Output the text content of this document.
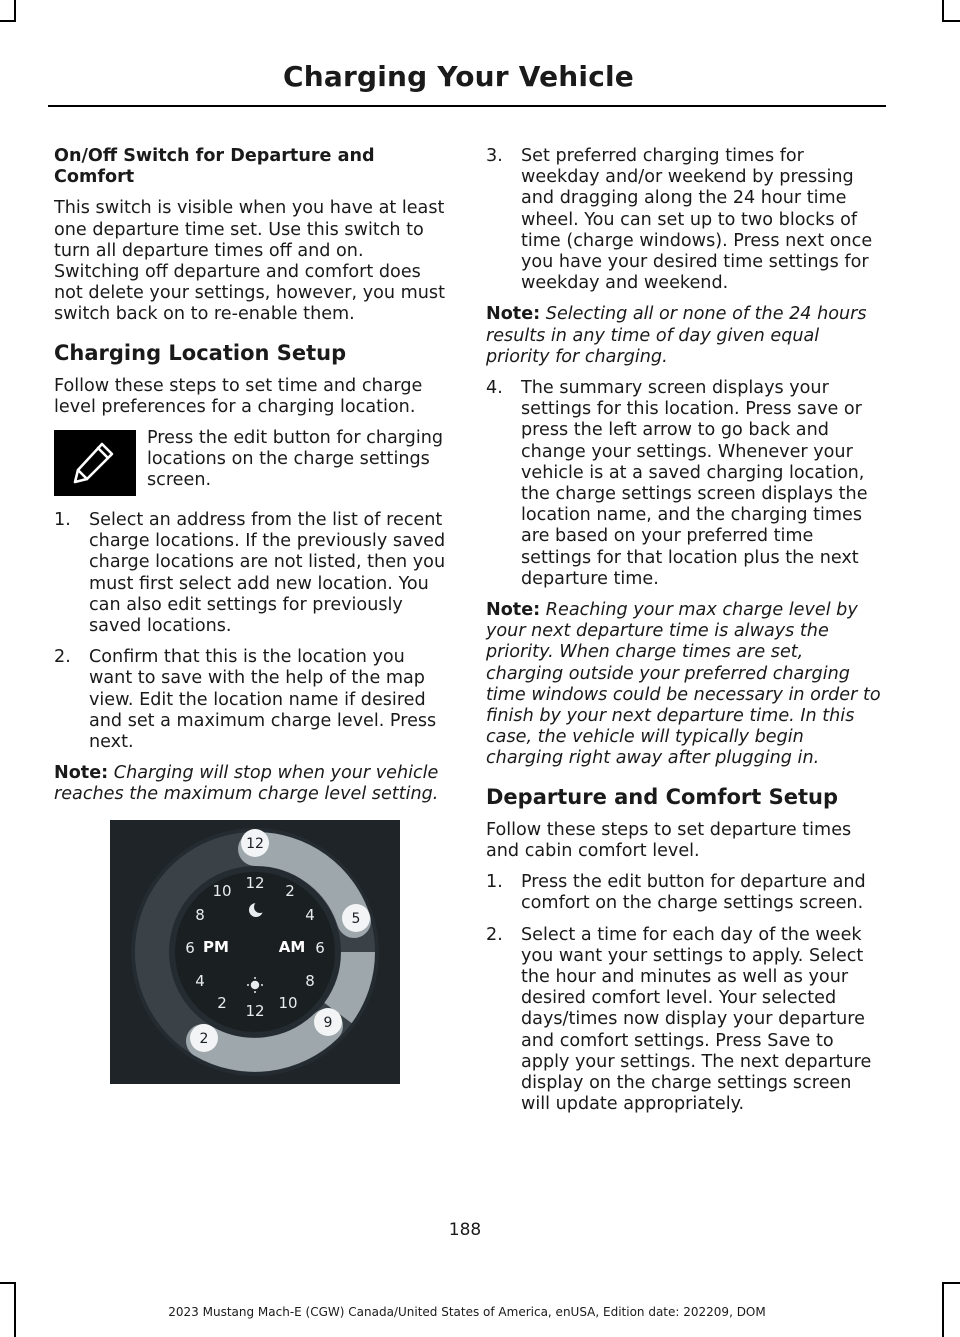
Charging Your Vehicle
On/Off Switch for Departure and Comfort

This switch is visible when you have at least one departure time set. Use this switch to turn all departure times off and on. Switching off departure and comfort does not delete your settings, however, you must switch back on to re-enable them.

Charging Location Setup

Follow these steps to set time and charge level preferences for a charging location.

Press the edit button for charging locations on the charge settings screen.

1. Select an address from the list of recent charge locations. If the previously saved charge locations are not listed, then you must first select add new location. You can also edit settings for previously saved locations.
2. Confirm that this is the location you want to save with the help of the map view. Edit the location name if desired and set a maximum charge level. Press next.

Note: Charging will stop when your vehicle reaches the maximum charge level setting.

12 2
4
6
8
10
12
2
4
6
8
10
PM	AM
12
5
9
2
3. Set preferred charging times for weekday and/or weekend by pressing and dragging along the 24 hour time wheel. You can set up to two blocks of time (charge windows). Press next once you have your desired time settings for weekday and weekend.

Note: Selecting all or none of the 24 hours results in any time of day given equal priority for charging.

4. The summary screen displays your settings for this location. Press save or press the left arrow to go back and change your settings. Whenever your vehicle is at a saved charging location, the charge settings screen displays the location name, and the charging times are based on your preferred time settings for that location plus the next departure time.

Note: Reaching your max charge level by your next departure time is always the priority. When charge times are set, charging outside your preferred charging time windows could be necessary in order to finish by your next departure time. In this case, the vehicle will typically begin charging right away after plugging in.

Departure and Comfort Setup

Follow these steps to set departure times and cabin comfort level.

1. Press the edit button for departure and comfort on the charge settings screen.
2. Select a time for each day of the week you want your settings to apply. Select the hour and minutes as well as your desired comfort level. Your selected days/times now display your departure and comfort settings. Press Save to apply your settings. The next departure display on the charge settings screen will update appropriately.
188
2023 Mustang Mach-E (CGW) Canada/United States of America, enUSA, Edition date: 202209, DOM
